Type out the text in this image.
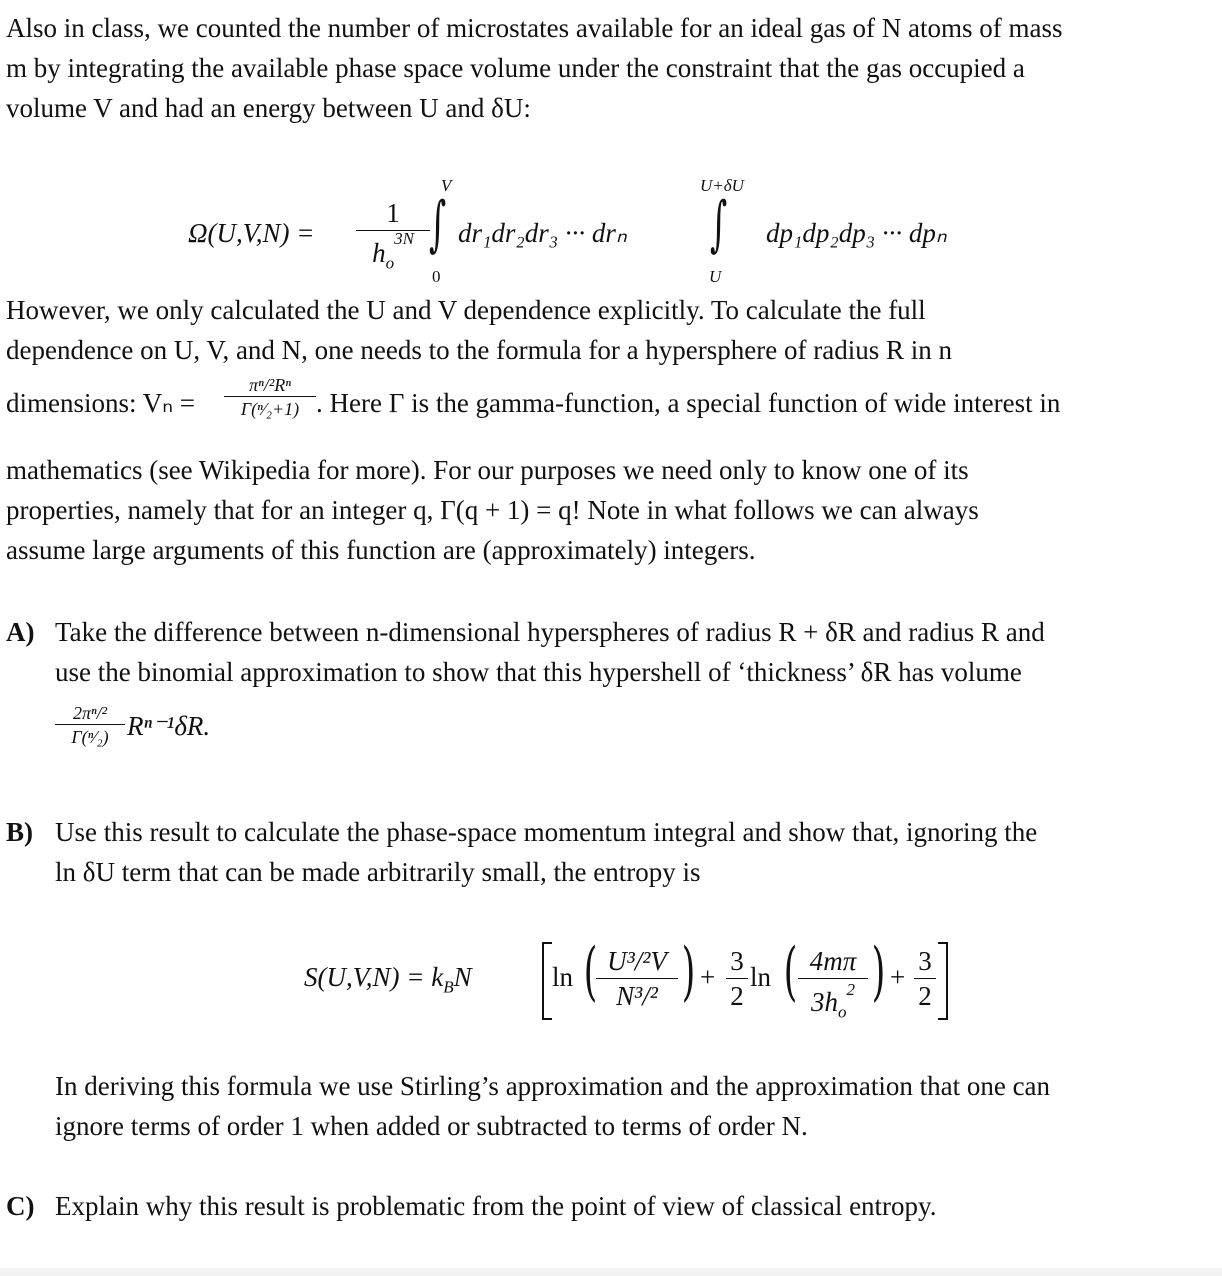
Also in class, we counted the number of microstates available for an ideal gas of N atoms of mass
m by integrating the available phase space volume under the constraint that the gas occupied a
volume V and had an energy between U and δU:

$\Omega(U,V,N) = \frac{1}{h_o^{3N}}$
V
∫
0
dr₁dr₂dr₃ ··· drₙ
U+δU
∫
U
dp₁dp₂dp₃ ··· dpₙ
However, we only calculated the U and V dependence explicitly. To calculate the full
dependence on U, V, and N, one needs to the formula for a hypersphere of radius R in n
dimensions: $V_n = \frac{\text{πⁿ/²Rⁿ}}{\text{Γ(ⁿ⁄₂+1)}}$ . Here Γ is the gamma-function, a special function of wide interest in
mathematics (see Wikipedia for more). For our purposes we need only to know one of its
properties, namely that for an integer q, Γ(q + 1) = q! Note in what follows we can always
assume large arguments of this function are (approximately) integers.
A) Take the difference between n-dimensional hyperspheres of radius R + δR and radius R and
use the binomial approximation to show that this hypershell of ‘thickness’ δR has volume
$\frac{\text{2πⁿ/²}}{\text{Γ(ⁿ⁄₂)}} R^{n-1}\delta R$.
B) Use this result to calculate the phase-space momentum integral and show that, ignoring the
ln δU term that can be made arbitrarily small, the entropy is
$S(U,V,N) = k_BN$	ln (
$\frac{\text{U³/²V}}{\text{N³/²}}$ ) + $\frac{3}{2}$ ln ( $\frac{4m\pi}{3h_o^2}$ ) + $\frac{3}{2}$
In deriving this formula we use Stirling’s approximation and the approximation that one can
ignore terms of order 1 when added or subtracted to terms of order N.
C) Explain why this result is problematic from the point of view of classical entropy.
